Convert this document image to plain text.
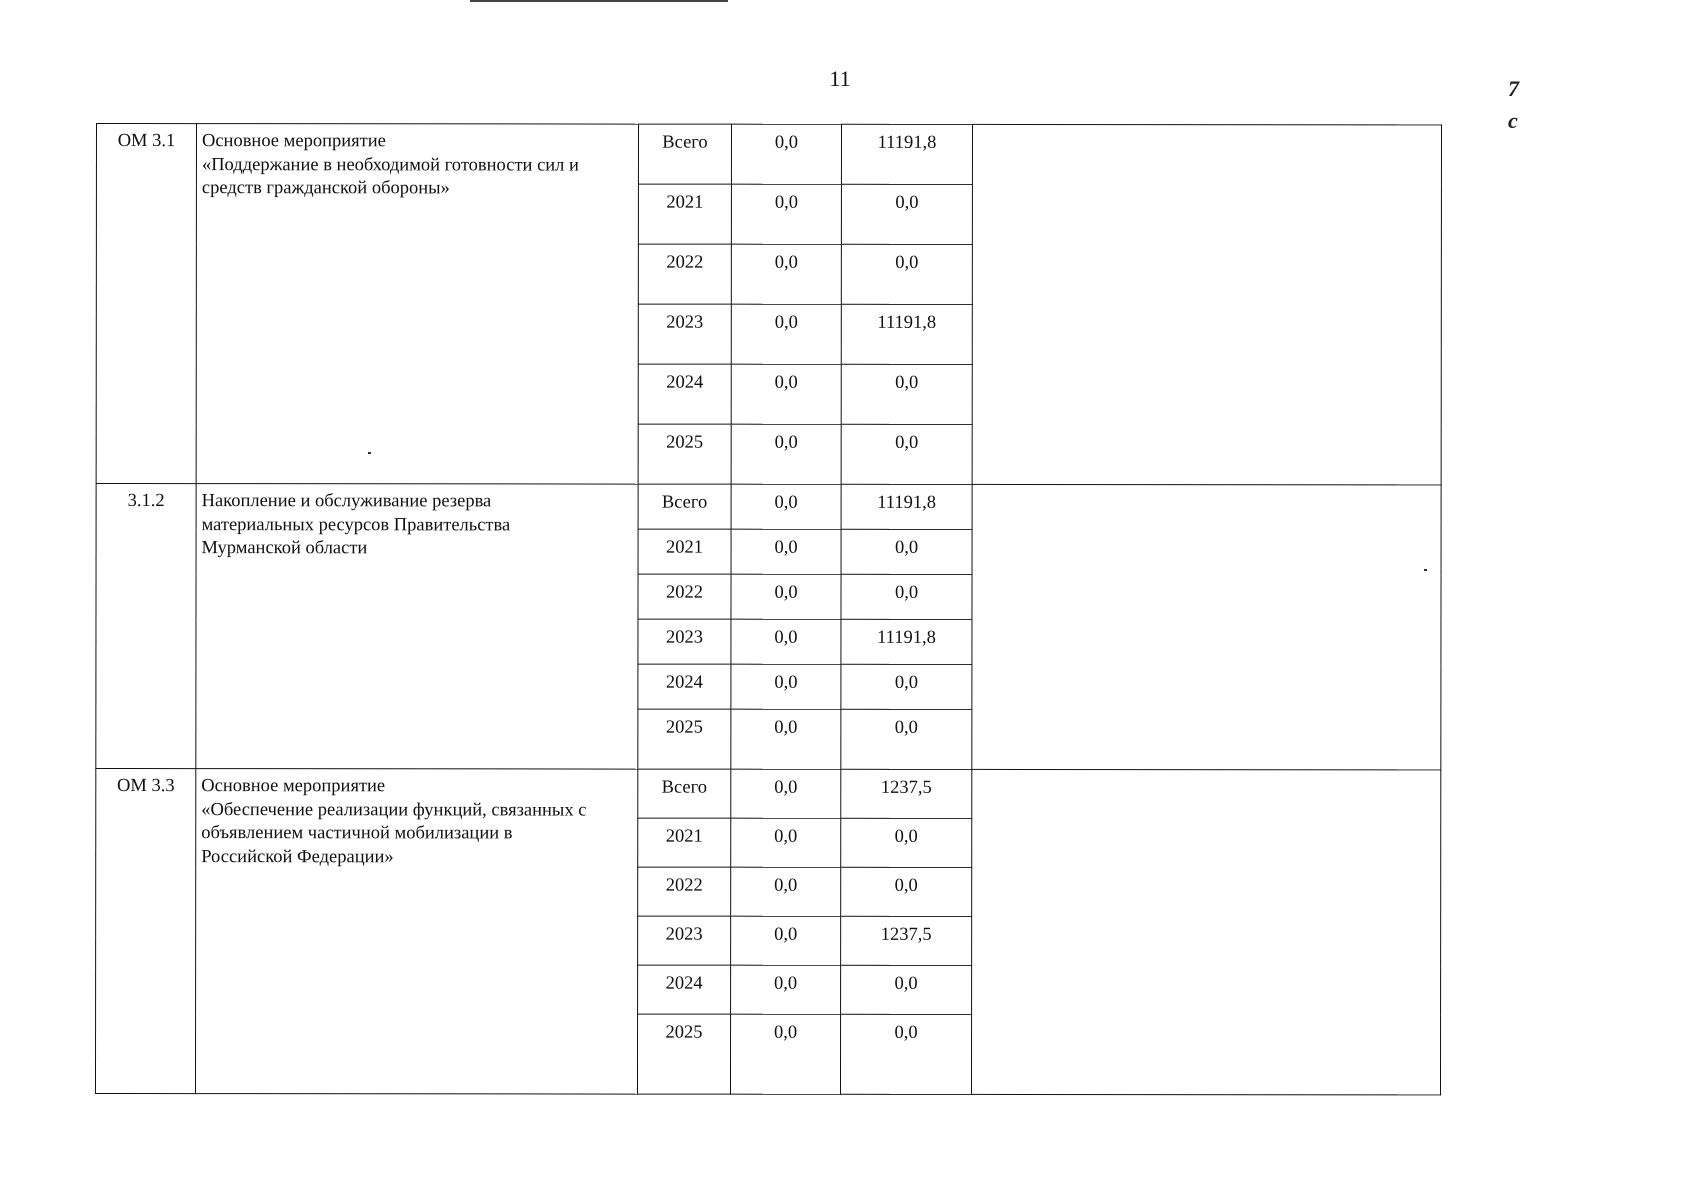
11	7
c
ОМ 3.1	Основное мероприятие
«Поддержание в необходимой готовности сил и
средств гражданской обороны»	Всего	0,0	11191,8	
		2021	0,0	0,0	
		2022	0,0	0,0	
		2023	0,0	11191,8	
		2024	0,0	0,0	
		2025	0,0	0,0	
3.1.2	Накопление и обслуживание резерва
материальных ресурсов Правительства
Мурманской области	Всего	0,0	11191,8	
		2021	0,0	0,0	
		2022	0,0	0,0	
		2023	0,0	11191,8	
		2024	0,0	0,0	
		2025	0,0	0,0	
ОМ 3.3	Основное мероприятие
«Обеспечение реализации функций, связанных с
объявлением частичной мобилизации в
Российской Федерации»	Всего	0,0	1237,5	
		2021	0,0	0,0	
		2022	0,0	0,0	
		2023	0,0	1237,5	
		2024	0,0	0,0	
		2025	0,0	0,0	
